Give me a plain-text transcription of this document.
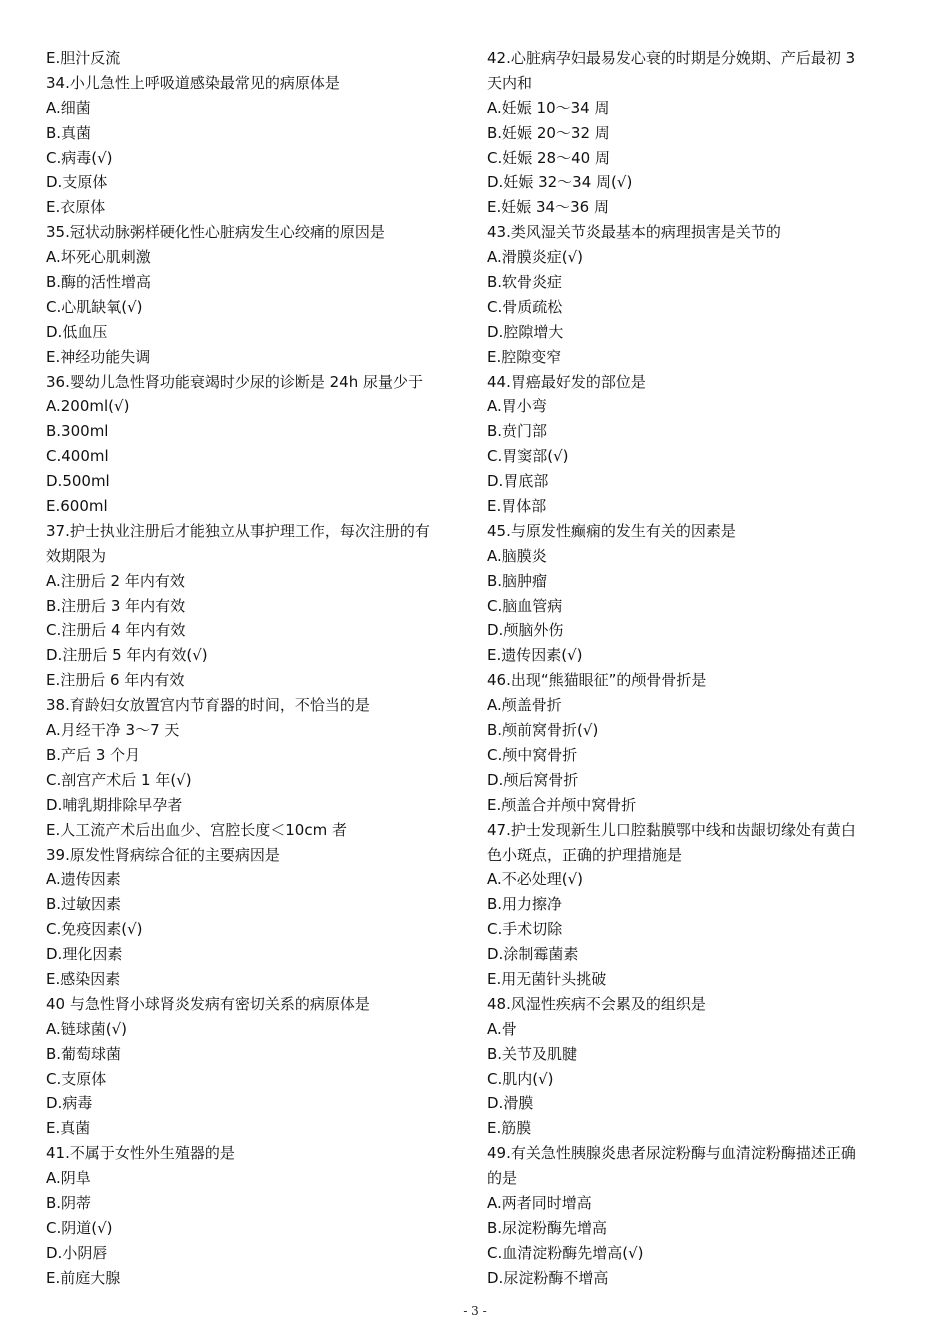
E.胆汁反流
34.小儿急性上呼吸道感染最常见的病原体是
A.细菌
B.真菌
C.病毒(√)
D.支原体
E.衣原体
35.冠状动脉粥样硬化性心脏病发生心绞痛的原因是
A.坏死心肌刺激
B.酶的活性增高
C.心肌缺氧(√)
D.低血压
E.神经功能失调
36.婴幼儿急性肾功能衰竭时少尿的诊断是 24h 尿量少于
A.200ml(√)
B.300ml
C.400ml
D.500ml
E.600ml
37.护士执业注册后才能独立从事护理工作，每次注册的有
效期限为
A.注册后 2 年内有效
B.注册后 3 年内有效
C.注册后 4 年内有效
D.注册后 5 年内有效(√)
E.注册后 6 年内有效
38.育龄妇女放置宫内节育器的时间，不恰当的是
A.月经干净 3～7 天
B.产后 3 个月
C.剖宫产术后 1 年(√)
D.哺乳期排除早孕者
E.人工流产术后出血少、宫腔长度＜10cm 者
39.原发性肾病综合征的主要病因是
A.遗传因素
B.过敏因素
C.免疫因素(√)
D.理化因素
E.感染因素
40 与急性肾小球肾炎发病有密切关系的病原体是
A.链球菌(√)
B.葡萄球菌
C.支原体
D.病毒
E.真菌
41.不属于女性外生殖器的是
A.阴阜
B.阴蒂
C.阴道(√)
D.小阴唇
E.前庭大腺
42.心脏病孕妇最易发心衰的时期是分娩期、产后最初 3
天内和
A.妊娠 10～34 周
B.妊娠 20～32 周
C.妊娠 28～40 周
D.妊娠 32～34 周(√)
E.妊娠 34～36 周
43.类风湿关节炎最基本的病理损害是关节的
A.滑膜炎症(√)
B.软骨炎症
C.骨质疏松
D.腔隙增大
E.腔隙变窄
44.胃癌最好发的部位是
A.胃小弯
B.贲门部
C.胃窦部(√)
D.胃底部
E.胃体部
45.与原发性癫痫的发生有关的因素是
A.脑膜炎
B.脑肿瘤
C.脑血管病
D.颅脑外伤
E.遗传因素(√)
46.出现“熊猫眼征”的颅骨骨折是
A.颅盖骨折
B.颅前窝骨折(√)
C.颅中窝骨折
D.颅后窝骨折
E.颅盖合并颅中窝骨折
47.护士发现新生儿口腔黏膜鄂中线和齿龈切缘处有黄白
色小斑点，正确的护理措施是
A.不必处理(√)
B.用力擦净
C.手术切除
D.涂制霉菌素
E.用无菌针头挑破
48.风湿性疾病不会累及的组织是
A.骨
B.关节及肌腱
C.肌内(√)
D.滑膜
E.筋膜
49.有关急性胰腺炎患者尿淀粉酶与血清淀粉酶描述正确
的是
A.两者同时增高
B.尿淀粉酶先增高
C.血清淀粉酶先增高(√)
D.尿淀粉酶不增高
- 3 -
